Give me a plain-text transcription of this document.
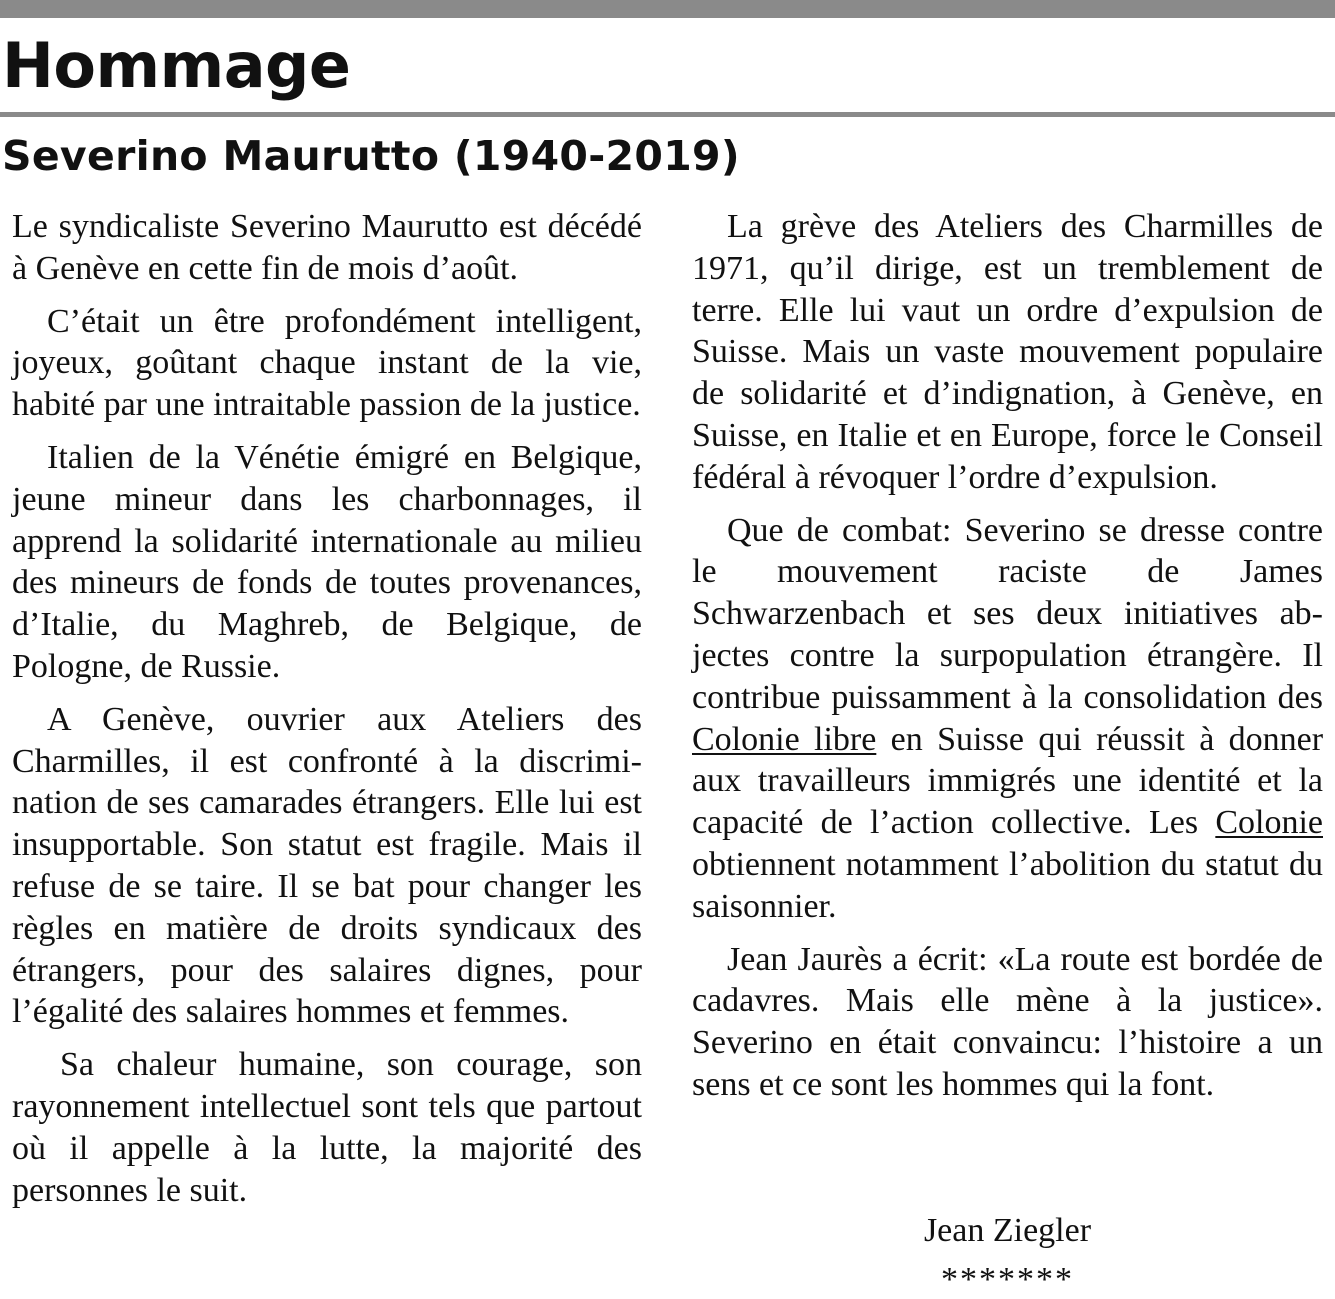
Hommage
Severino Maurutto (1940-2019)

Le syndicaliste Severino Maurutto est décédé à Genève en cette fin de mois d’août.

C’était un être profondément intelligent, joyeux, goûtant chaque instant de la vie, habité par une intraitable passion de la justice.

Italien de la Vénétie émigré en Belgique, jeune mineur dans les charbonnages, il apprend la solidarité internationale au milieu des mineurs de fonds de toutes provenances, d’Italie, du Maghreb, de Belgique, de Pologne, de Russie.

A Genève, ouvrier aux Ateliers des Charmilles, il est confronté à la discrimination de ses camarades étrangers. Elle lui est insupportable. Son statut est fragile. Mais il refuse de se taire. Il se bat pour changer les règles en matière de droits syndicaux des étrangers, pour des salaires dignes, pour l’égalité des salaires hommes et femmes.

Sa chaleur humaine, son courage, son rayonnement intellectuel sont tels que partout où il appelle à la lutte, la majorité des personnes le suit.

La grève des Ateliers des Charmilles de 1971, qu’il dirige, est un tremblement de terre. Elle lui vaut un ordre d’expulsion de Suisse. Mais un vaste mouvement populaire de solidarité et d’indignation, à Genève, en Suisse, en Italie et en Europe, force le Conseil fédéral à révoquer l’ordre d’expulsion.

Que de combat: Severino se dresse contre le mouvement raciste de James Schwarzenbach et ses deux initiatives abjectes contre la surpopulation étrangère. Il contribue puissamment à la consolidation des Colonie libre en Suisse qui réussit à donner aux travailleurs immigrés une identité et la capacité de l’action collective. Les Colonie obtiennent notamment l’abolition du statut du saisonnier.

Jean Jaurès a écrit: «La route est bordée de cadavres. Mais elle mène à la justice». Severino en était convaincu: l’histoire a un sens et ce sont les hommes qui la font.

Jean Ziegler
*******
